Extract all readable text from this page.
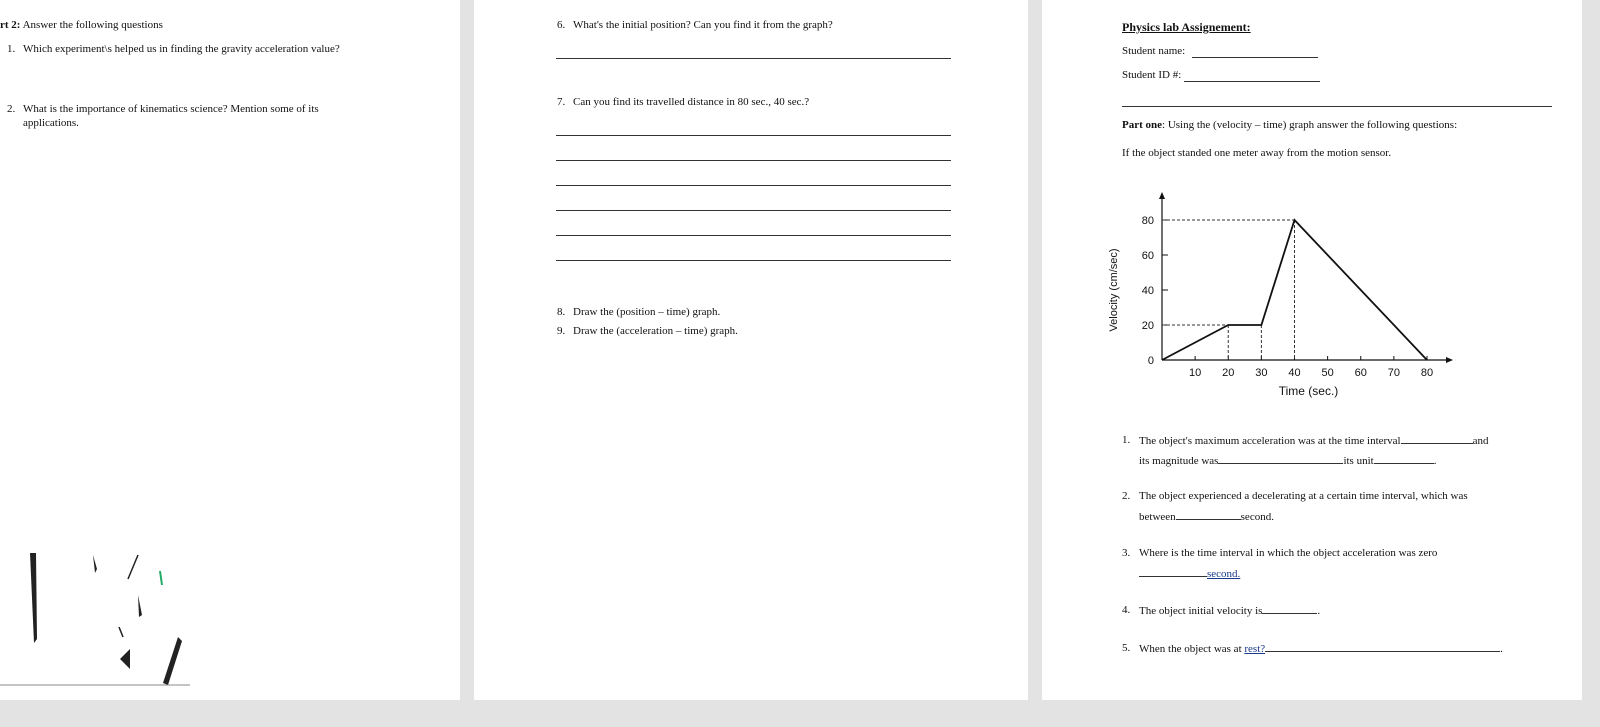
rt 2: Answer the following questions
1. Which experiment\s helped us in finding the gravity acceleration value?
2. What is the importance of kinematics science? Mention some of its
applications.
6. What's the initial position? Can you find it from the graph?
7. Can you find its travelled distance in 80 sec., 40 sec.?
8. Draw the (position – time) graph.
9. Draw the (acceleration – time) graph.
Physics lab Assignement:
Student name:
Student ID #:
Part one: Using the (velocity – time) graph answer the following questions:
If the object standed one meter away from the motion sensor.
10 20 30 40 50 60 70 80
0
20
40
60
80
Time (sec.)
Velocity (cm/sec)
1. The object's maximum acceleration was at the time interval	and
its magnitude was	its unit	.
2. The object experienced a decelerating at a certain time interval, which was
between	second.
3. Where is the time interval in which the object acceleration was zero
second.
4. The object initial velocity is	.
5. When the object was at rest?	.
